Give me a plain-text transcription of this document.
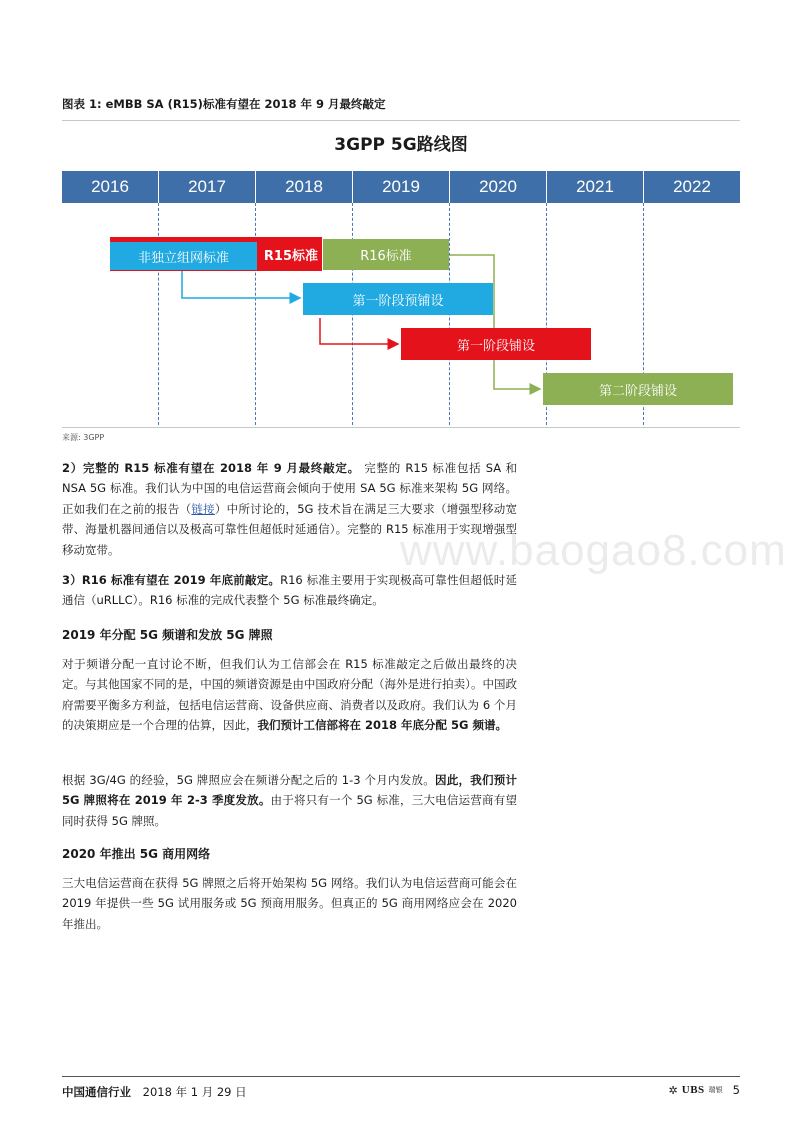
图表 1: eMBB SA (R15)标准有望在 2018 年 9 月最终敲定
3GPP 5G路线图
2016	2017	2018	2019	2020	2021	2022
R15标准
非独立组网标准	R16标准
第一阶段预铺设
第一阶段铺设
第二阶段铺设
来源: 3GPP
www.baogao8.com
2）完整的 R15 标准有望在 2018 年 9 月最终敲定。 完整的 R15 标准包括 SA 和 NSA 5G 标准。我们认为中国的电信运营商会倾向于使用 SA 5G 标准来架构 5G 网络。正如我们在之前的报告（链接）中所讨论的，5G 技术旨在满足三大要求（增强型移动宽带、海量机器间通信以及极高可靠性但超低时延通信）。完整的 R15 标准用于实现增强型移动宽带。
3）R16 标准有望在 2019 年底前敲定。R16 标准主要用于实现极高可靠性但超低时延通信（uRLLC）。R16 标准的完成代表整个 5G 标准最终确定。
2019 年分配 5G 频谱和发放 5G 牌照
对于频谱分配一直讨论不断，但我们认为工信部会在 R15 标准敲定之后做出最终的决定。与其他国家不同的是，中国的频谱资源是由中国政府分配（海外是进行拍卖）。中国政府需要平衡多方利益，包括电信运营商、设备供应商、消费者以及政府。我们认为 6 个月的决策期应是一个合理的估算，因此，我们预计工信部将在 2018 年底分配 5G 频谱。
根据 3G/4G 的经验，5G 牌照应会在频谱分配之后的 1-3 个月内发放。因此，我们预计 5G 牌照将在 2019 年 2-3 季度发放。由于将只有一个 5G 标准，三大电信运营商有望同时获得 5G 牌照。
2020 年推出 5G 商用网络
三大电信运营商在获得 5G 牌照之后将开始架构 5G 网络。我们认为电信运营商可能会在 2019 年提供一些 5G 试用服务或 5G 预商用服务。但真正的 5G 商用网络应会在 2020 年推出。
中国通信行业 2018 年 1 月 29 日	✲ UBS 瑞银 5
